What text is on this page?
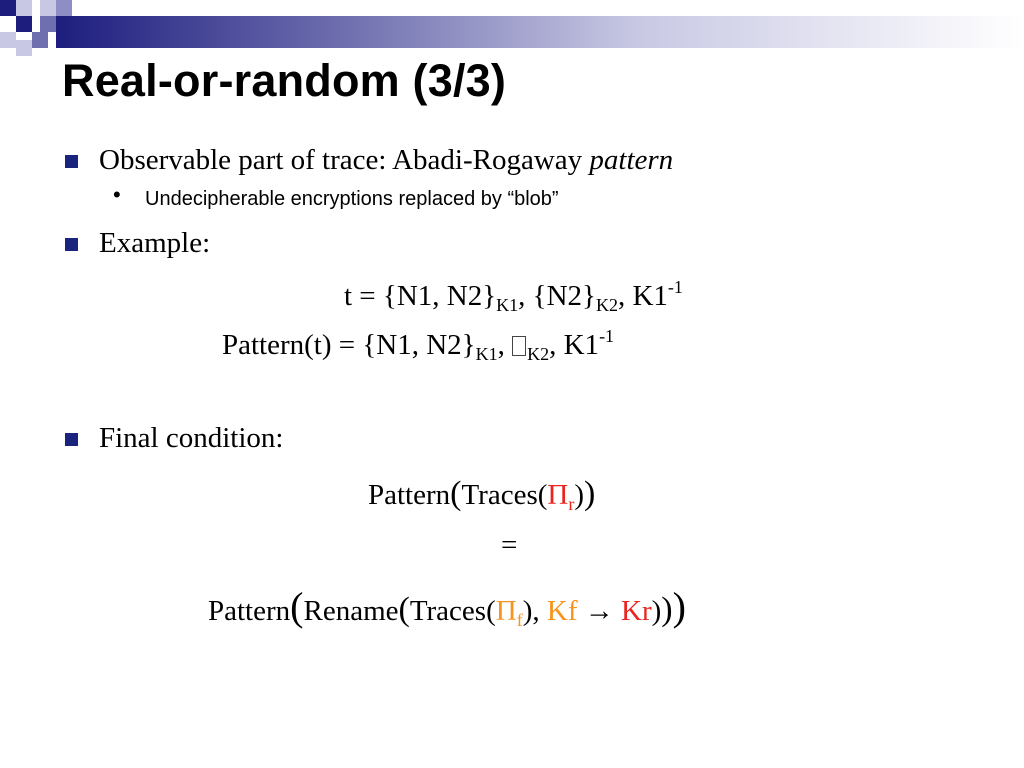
Real-or-random (3/3)
Observable part of trace: Abadi-Rogaway pattern
• Undecipherable encryptions replaced by “blob”
Example:
t = {N1, $N2\}_{K1}$, $\{N2\}_{K2}$, $K1^{-1}$
Pattern(t) = {N1, $N2\}_{K1}$, $_{K2}$, $K1^{-1}$
Final condition:
$Pattern(Traces(\Pi_r))$
=
$Pattern(Rename(Traces(\Pi_f)$, Kf → Kr)))
